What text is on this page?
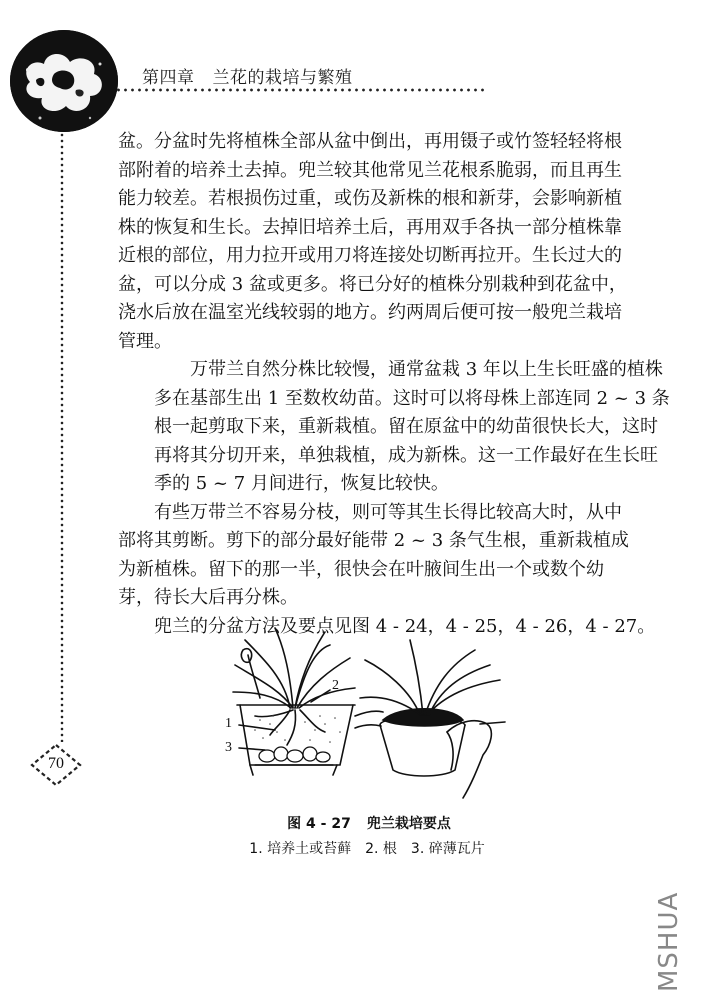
第四章 兰花的栽培与繁殖
70

盆。分盆时先将植株全部从盆中倒出，再用镊子或竹签轻轻将根
部附着的培养土去掉。兜兰较其他常见兰花根系脆弱，而且再生
能力较差。若根损伤过重，或伤及新株的根和新芽，会影响新植
株的恢复和生长。去掉旧培养土后，再用双手各执一部分植株靠
近根的部位，用力拉开或用刀将连接处切断再拉开。生长过大的
盆，可以分成 3 盆或更多。将已分好的植株分别栽种到花盆中，
浇水后放在温室光线较弱的地方。约两周后便可按一般兜兰栽培
管理。

万带兰自然分株比较慢，通常盆栽 3 年以上生长旺盛的植株
多在基部生出 1 至数枚幼苗。这时可以将母株上部连同 2 ~ 3 条
根一起剪取下来，重新栽植。留在原盆中的幼苗很快长大，这时
再将其分切开来，单独栽植，成为新株。这一工作最好在生长旺
季的 5 ~ 7 月间进行，恢复比较快。

有些万带兰不容易分枝，则可等其生长得比较高大时，从中
部将其剪断。剪下的部分最好能带 2 ~ 3 条气生根，重新栽植成
为新植株。留下的那一半，很快会在叶腋间生出一个或数个幼
芽，待长大后再分株。

兜兰的分盆方法及要点见图 4 - 24，4 - 25，4 - 26，4 - 27。

1
2
3
图 4 - 27 兜兰栽培要点
1. 培养土或苔藓 2. 根 3. 碎薄瓦片
MSHUA
